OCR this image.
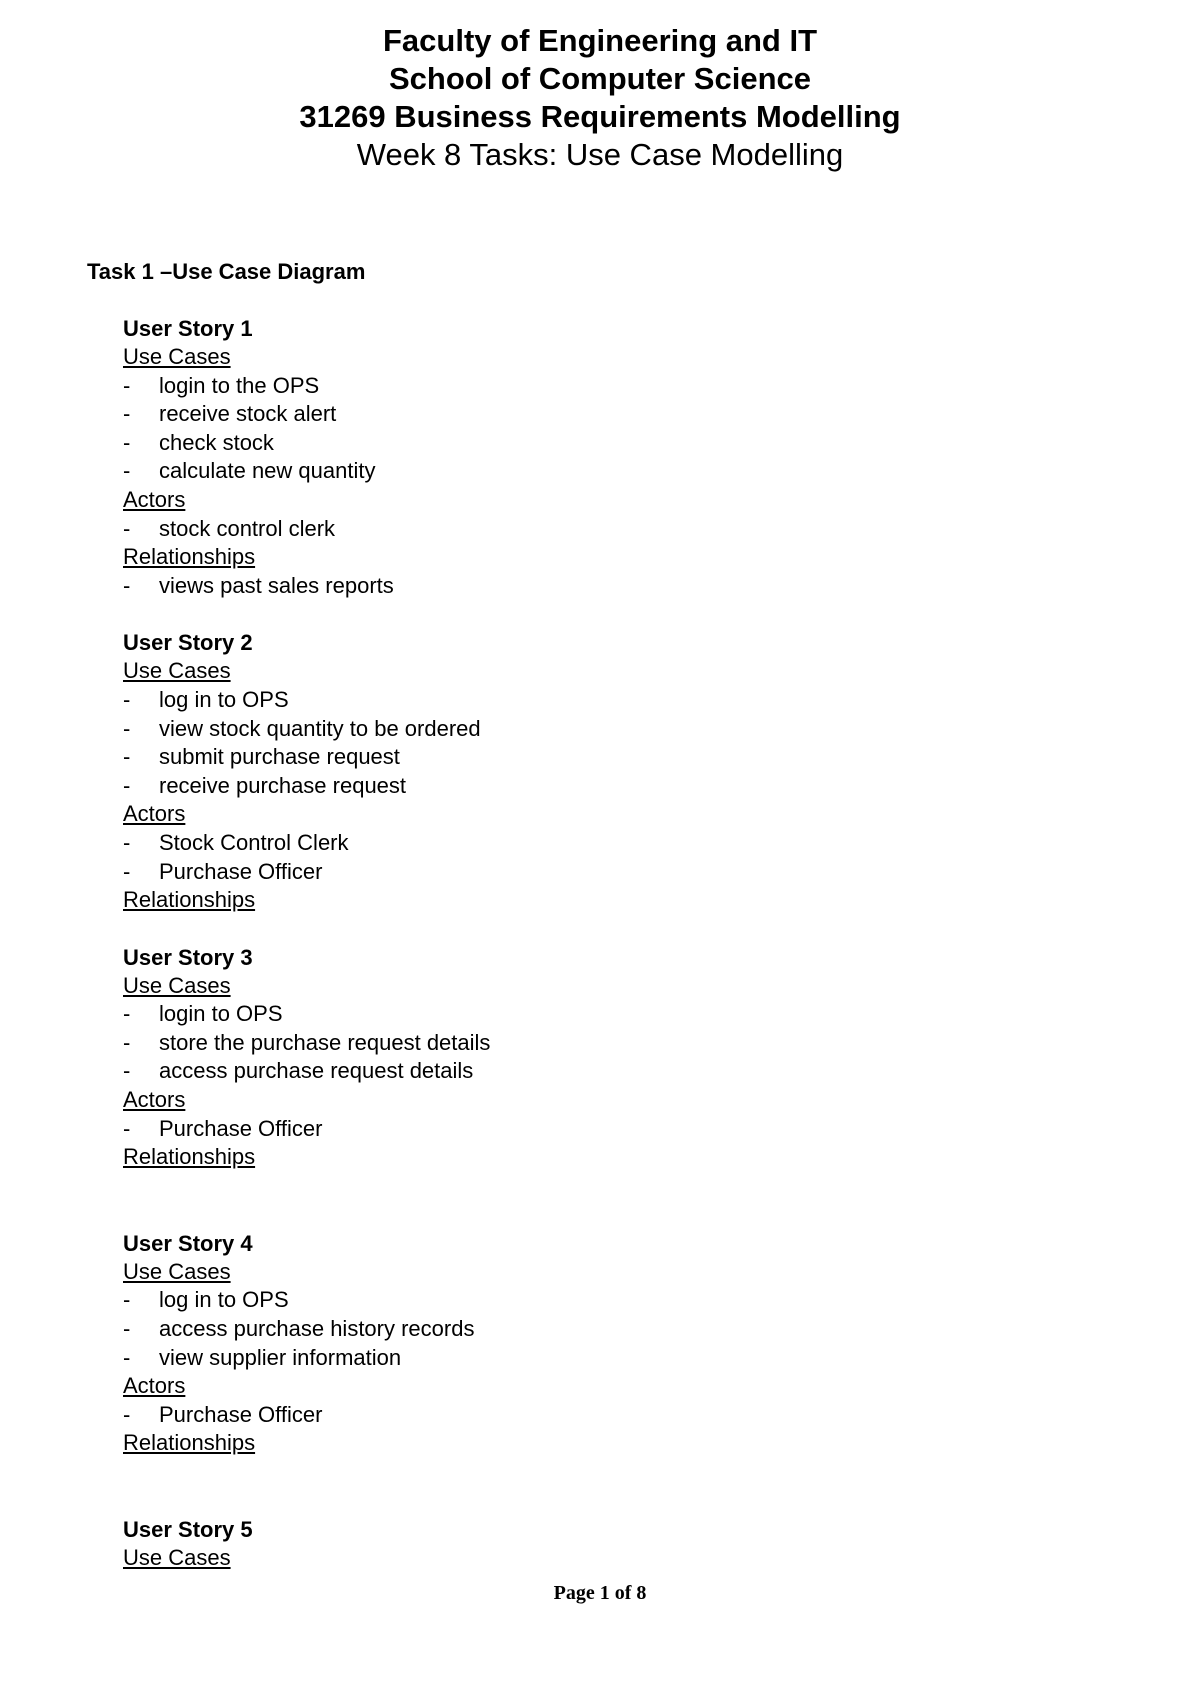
Faculty of Engineering and IT
School of Computer Science
31269 Business Requirements Modelling
Week 8 Tasks: Use Case Modelling
Task 1 –Use Case Diagram
User Story 1
Use Cases
- login to the OPS
- receive stock alert
- check stock
- calculate new quantity
Actors
- stock control clerk
Relationships
- views past sales reports
User Story 2
Use Cases
- log in to OPS
- view stock quantity to be ordered
- submit purchase request
- receive purchase request
Actors
- Stock Control Clerk
- Purchase Officer
Relationships
User Story 3
Use Cases
- login to OPS
- store the purchase request details
- access purchase request details
Actors
- Purchase Officer
Relationships
User Story 4
Use Cases
- log in to OPS
- access purchase history records
- view supplier information
Actors
- Purchase Officer
Relationships
User Story 5
Use Cases
Page 1 of 8
